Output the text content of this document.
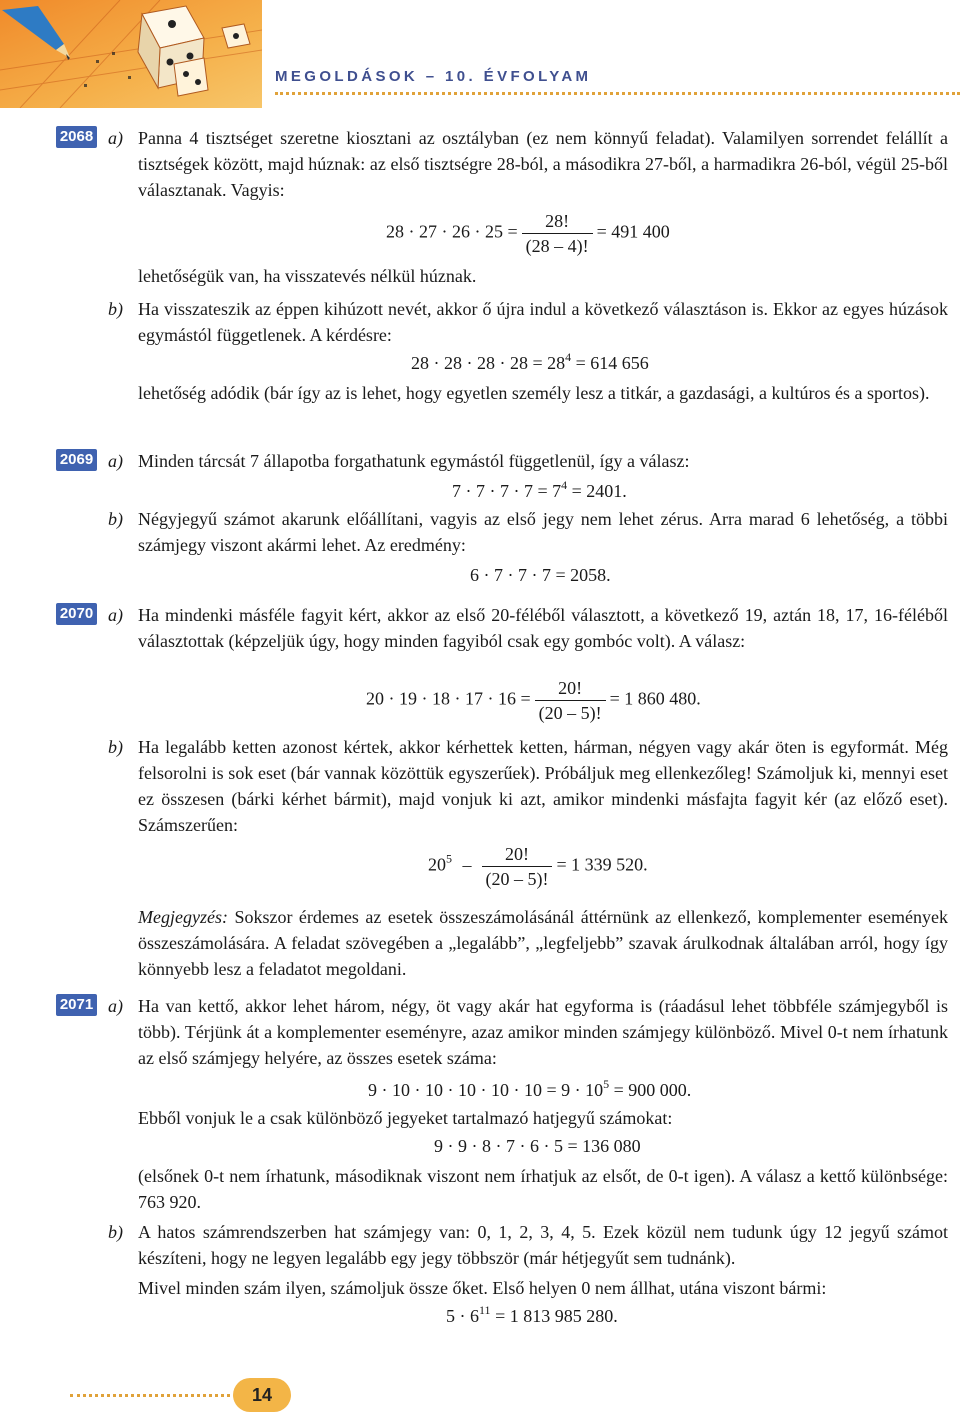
MEGOLDÁSOK – 10. ÉVFOLYAM
2068 a) Panna 4 tisztséget szeretne kiosztani az osztályban (ez nem könnyű feladat). Valamilyen sorrendet felállít a tisztségek között, majd húznak: az első tisztségre 28-ból, a másodikra 27-ből, a harmadikra 26-ból, végül 25-ből választanak. Vagyis:
$28 \cdot 27 \cdot 26 \cdot 25 = \frac{28!}{(28 - 4)!} = 491$ 400
lehetőségük van, ha visszatevés nélkül húznak.
b) Ha visszateszik az éppen kihúzott nevét, akkor ő újra indul a következő választáson is. Ekkor az egyes húzások egymástól függetlenek. A kérdésre:
$28 \cdot 28 \cdot 28 \cdot 28 = 28^4 = 614$ 656
lehetőség adódik (bár így az is lehet, hogy egyetlen személy lesz a titkár, a gazdasági, a kultúros és a sportos).
2069 a) Minden tárcsát 7 állapotba forgathatunk egymástól függetlenül, így a válasz:
$7 \cdot 7 \cdot 7 \cdot 7 = 7^4 = 2401$.
b) Négyjegyű számot akarunk előállítani, vagyis az első jegy nem lehet zérus. Arra marad 6 lehetőség, a többi számjegy viszont akármi lehet. Az eredmény:
6 · 7 · 7 · 7 = 2058.
2070 a) Ha mindenki másféle fagyit kért, akkor az első 20-féléből választott, a következő 19, aztán 18, 17, 16-féléből választottak (képzeljük úgy, hogy minden fagyiból csak egy gombóc volt). A válasz:
$20 \cdot 19 \cdot 18 \cdot 17 \cdot 16 = \frac{20!}{(20 - 5)!} = 1$ 860 480.
b) Ha legalább ketten azonost kértek, akkor kérhettek ketten, hárman, négyen vagy akár öten is egyformát. Még felsorolni is sok eset (bár vannak közöttük egyszerűek). Próbáljuk meg ellenkezőleg! Számoljuk ki, mennyi eset ez összesen (bárki kérhet bármit), majd vonjuk ki azt, amikor mindenki másfajta fagyit kér (az előző eset). Számszerűen:
$20^5 - \frac{20!}{(20 - 5)!} = 1$ 339 520.
Megjegyzés: Sokszor érdemes az esetek összeszámolásánál áttérnünk az ellenkező, komplementer események összeszámolására. A feladat szövegében a „legalább”, „legfeljebb” szavak árulkodnak általában arról, hogy így könnyebb lesz a feladatot megoldani.
2071 a) Ha van kettő, akkor lehet három, négy, öt vagy akár hat egyforma is (ráadásul lehet többféle számjegyből is több). Térjünk át a komplementer eseményre, azaz amikor minden számjegy különböző. Mivel 0-t nem írhatunk az első számjegy helyére, az összes esetek száma:
$9 \cdot 10 \cdot 10 \cdot 10 \cdot 10 \cdot 10 = 9 \cdot 10^5 = 900$ 000.
Ebből vonjuk le a csak különböző jegyeket tartalmazó hatjegyű számokat:
9 · 9 · 8 · 7 · 6 · 5 = 136 080
(elsőnek 0-t nem írhatunk, másodiknak viszont nem írhatjuk az elsőt, de 0-t igen). A válasz a kettő különbsége: 763 920.
b) A hatos számrendszerben hat számjegy van: 0, 1, 2, 3, 4, 5. Ezek közül nem tudunk úgy 12 jegyű számot készíteni, hogy ne legyen legalább egy jegy többször (már hétjegyűt sem tudnánk).
Mivel minden szám ilyen, számoljuk össze őket. Első helyen 0 nem állhat, utána viszont bármi:
$5 \cdot 6^{11} = 1$ 813 985 280.
14
